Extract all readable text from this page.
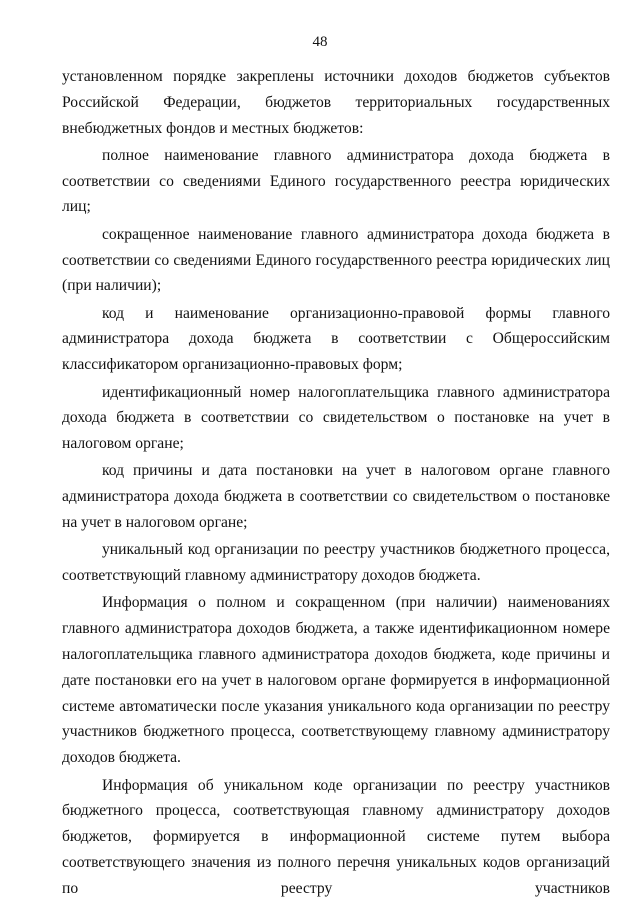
48

установленном порядке закреплены источники доходов бюджетов субъектов Российской Федерации, бюджетов территориальных государственных внебюджетных фондов и местных бюджетов:

полное наименование главного администратора дохода бюджета в соответствии со сведениями Единого государственного реестра юридических лиц;

сокращенное наименование главного администратора дохода бюджета в соответствии со сведениями Единого государственного реестра юридических лиц (при наличии);

код и наименование организационно-правовой формы главного администратора дохода бюджета в соответствии с Общероссийским классификатором организационно-правовых форм;

идентификационный номер налогоплательщика главного администратора дохода бюджета в соответствии со свидетельством о постановке на учет в налоговом органе;

код причины и дата постановки на учет в налоговом органе главного администратора дохода бюджета в соответствии со свидетельством о постановке на учет в налоговом органе;

уникальный код организации по реестру участников бюджетного процесса, соответствующий главному администратору доходов бюджета.

Информация о полном и сокращенном (при наличии) наименованиях главного администратора доходов бюджета, а также идентификационном номере налогоплательщика главного администратора доходов бюджета, коде причины и дате постановки его на учет в налоговом органе формируется в информационной системе автоматически после указания уникального кода организации по реестру участников бюджетного процесса, соответствующему главному администратору доходов бюджета.

Информация об уникальном коде организации по реестру участников бюджетного процесса, соответствующая главному администратору доходов бюджетов, формируется в информационной системе путем выбора соответствующего значения из полного перечня уникальных кодов организаций по реестру участников
